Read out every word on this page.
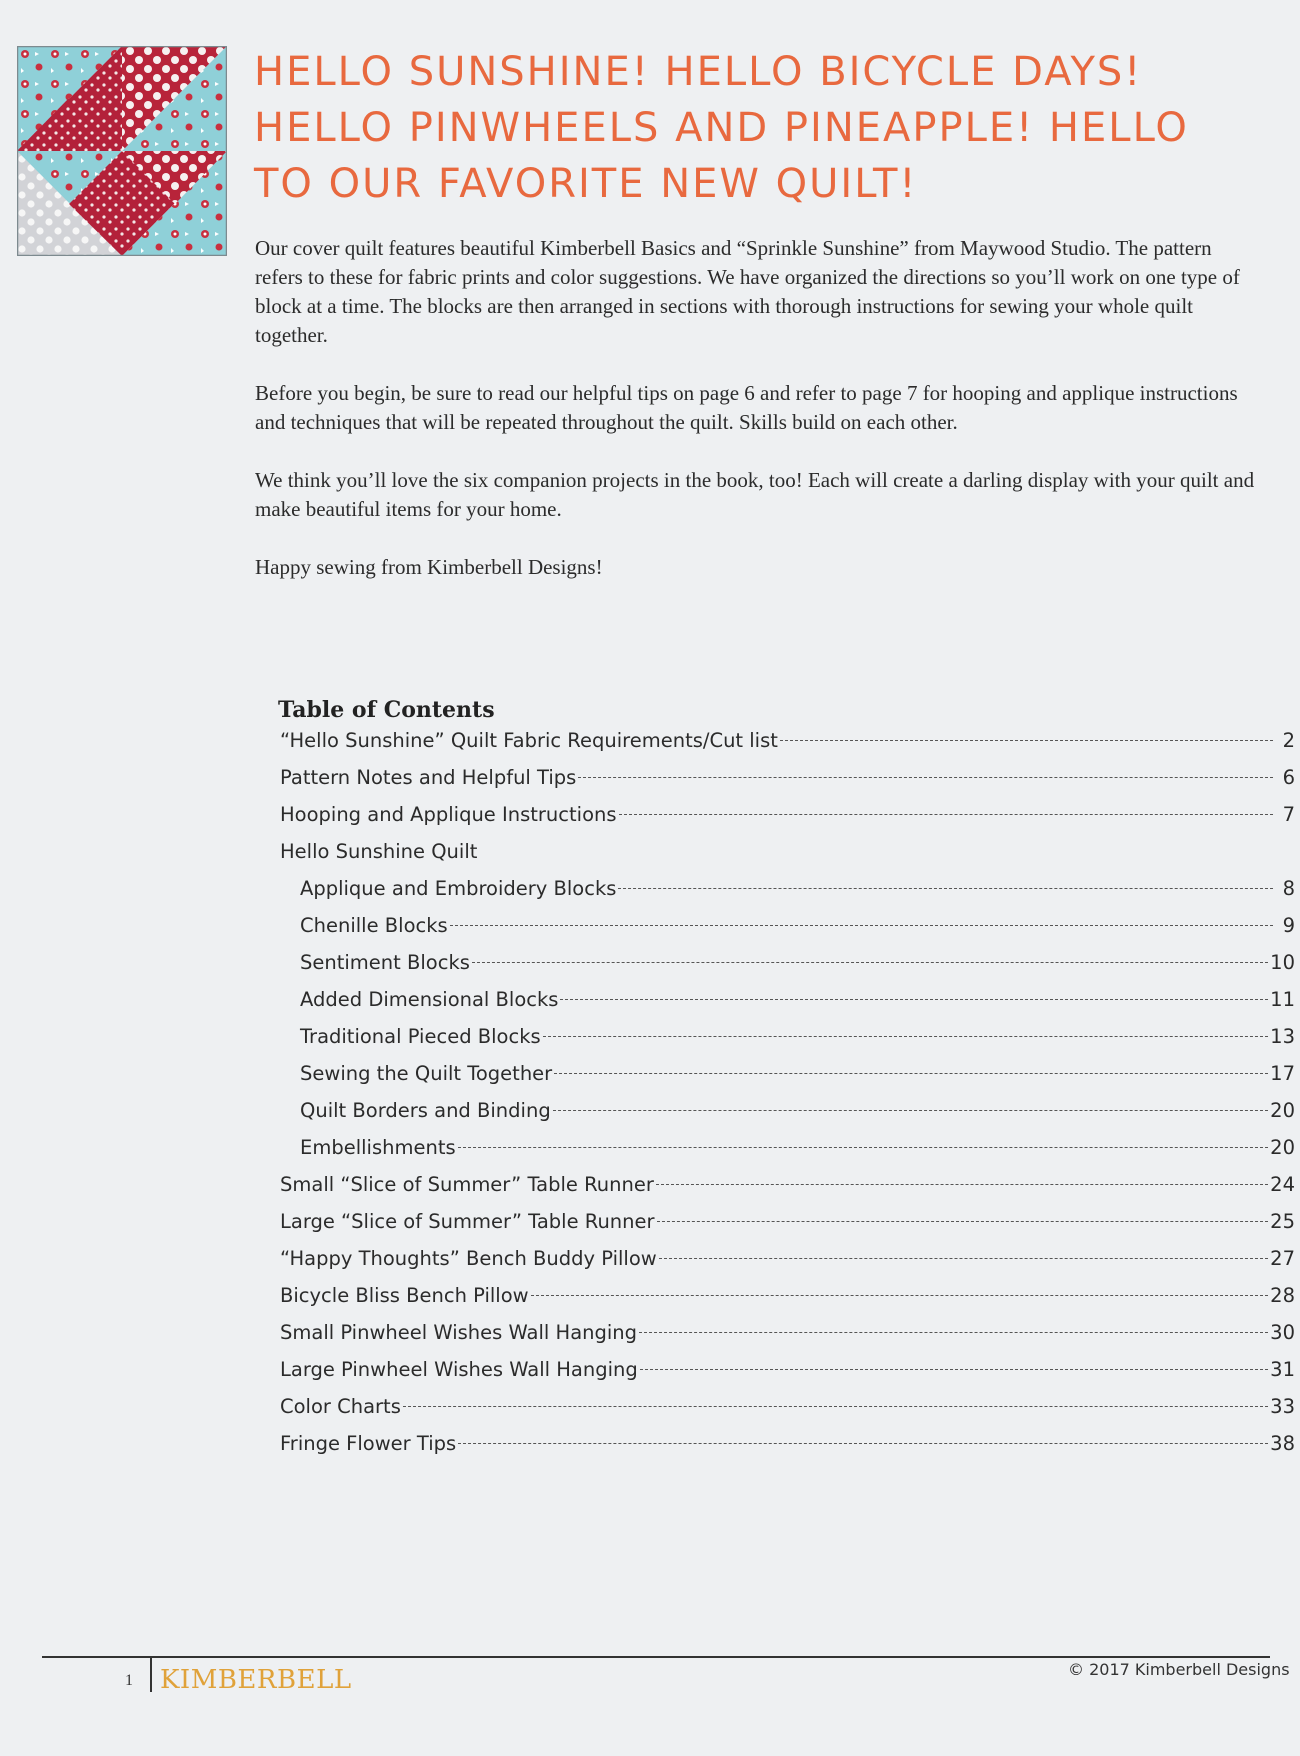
HELLO SUNSHINE! HELLO BICYCLE DAYS!
HELLO PINWHEELS AND PINEAPPLE! HELLO
TO OUR FAVORITE NEW QUILT!

Our cover quilt features beautiful Kimberbell Basics and “Sprinkle Sunshine” from Maywood Studio. The pattern refers to these for fabric prints and color suggestions. We have organized the directions so you’ll work on one type of block at a time. The blocks are then arranged in sections with thorough instructions for sewing your whole quilt together.

Before you begin, be sure to read our helpful tips on page 6 and refer to page 7 for hooping and applique instructions and techniques that will be repeated throughout the quilt. Skills build on each other.

We think you’ll love the six companion projects in the book, too! Each will create a darling display with your quilt and make beautiful items for your home.

Happy sewing from Kimberbell Designs!

Table of Contents
“Hello Sunshine” Quilt Fabric Requirements/Cut list	2
Pattern Notes and Helpful Tips	6
Hooping and Applique Instructions	7
Hello Sunshine Quilt
Applique and Embroidery Blocks	8
Chenille Blocks	9
Sentiment Blocks	10
Added Dimensional Blocks	11
Traditional Pieced Blocks	13
Sewing the Quilt Together	17
Quilt Borders and Binding	20
Embellishments	20
Small “Slice of Summer” Table Runner	24
Large “Slice of Summer” Table Runner	25
“Happy Thoughts” Bench Buddy Pillow	27
Bicycle Bliss Bench Pillow	28
Small Pinwheel Wishes Wall Hanging	30
Large Pinwheel Wishes Wall Hanging	31
Color Charts	33
Fringe Flower Tips	38
1 KIMBERBELL	© 2017 Kimberbell Designs
